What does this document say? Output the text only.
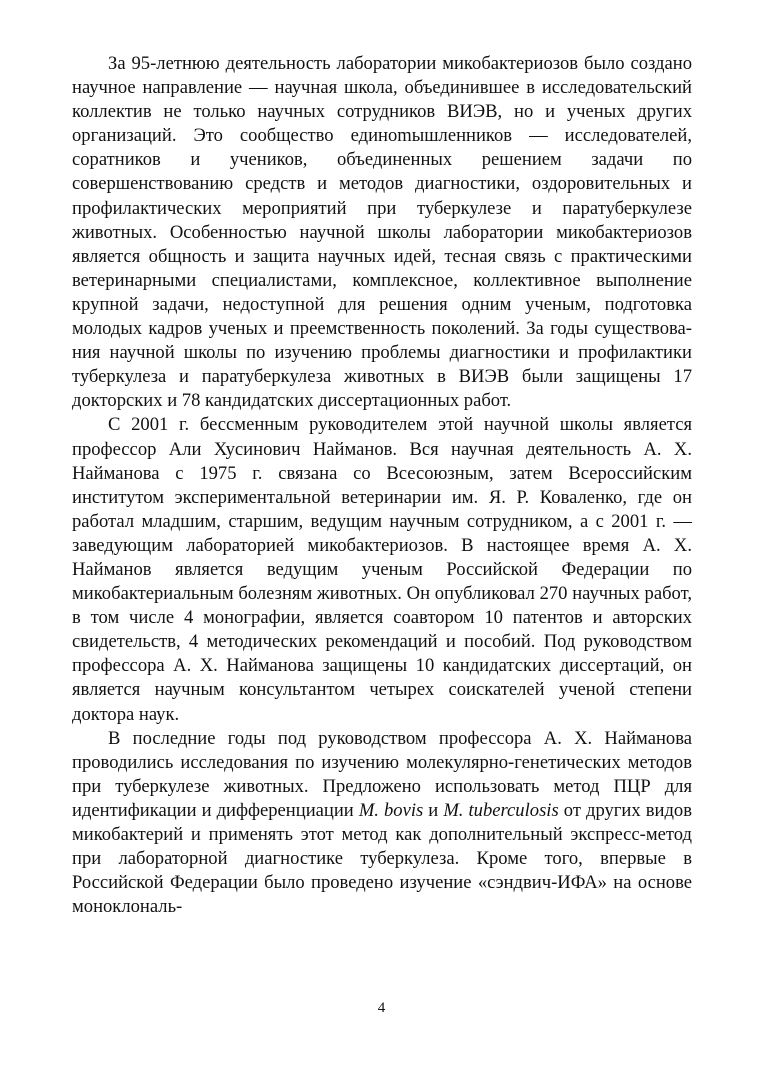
За 95-летнюю деятельность лаборатории микобактериозов было создано научное направление — научная школа, объединившее в исследовательский коллектив не только научных сотрудников ВИЭВ, но и ученых других организаций. Это сообщество единоmышленников — исследователей, соратников и учеников, объединенных решением задачи по совершенствованию средств и методов диагностики, оздоровительных и профилактических мероприятий при туберкулезе и паратуберкулезе животных. Особенностью научной школы лаборатории микобактериозов является общность и защита научных идей, тесная связь с практическими ветеринарными специалистами, комплексное, коллективное выполнение крупной задачи, недоступной для решения одним ученым, подготовка молодых кадров ученых и преемственность поколений. За годы существования научной школы по изучению проблемы диагностики и профилактики туберкулеза и паратуберкулеза животных в ВИЭВ были защищены 17 докторских и 78 кандидатских диссертационных работ.

С 2001 г. бессменным руководителем этой научной школы является профессор Али Хусинович Найманов. Вся научная деятельность А. Х. Найманова с 1975 г. связана со Всесоюзным, затем Всероссийским институтом экспериментальной ветеринарии им. Я. Р. Коваленко, где он работал младшим, старшим, ведущим научным сотрудником, а с 2001 г. — заведующим лабораторией микобактериозов. В настоящее время А. Х. Найманов является ведущим ученым Российской Федерации по микобактериальным болезням животных. Он опубликовал 270 научных работ, в том числе 4 монографии, является соавтором 10 патентов и авторских свидетельств, 4 методических рекомендаций и пособий. Под руководством профессора А. Х. Найманова защищены 10 кандидатских диссертаций, он является научным консультантом четырех соискателей ученой степени доктора наук.

В последние годы под руководством профессора А. Х. Найманова проводились исследования по изучению молекулярно-генетических методов при туберкулезе животных. Предложено использовать метод ПЦР для идентификации и дифференциации M. bovis и M. tuberculosis от других видов микобактерий и применять этот метод как дополнительный экспресс-метод при лабораторной диагностике туберкулеза. Кроме того, впервые в Российской Федерации было проведено изучение «сэндвич-ИФА» на основе моноклональ-

4
